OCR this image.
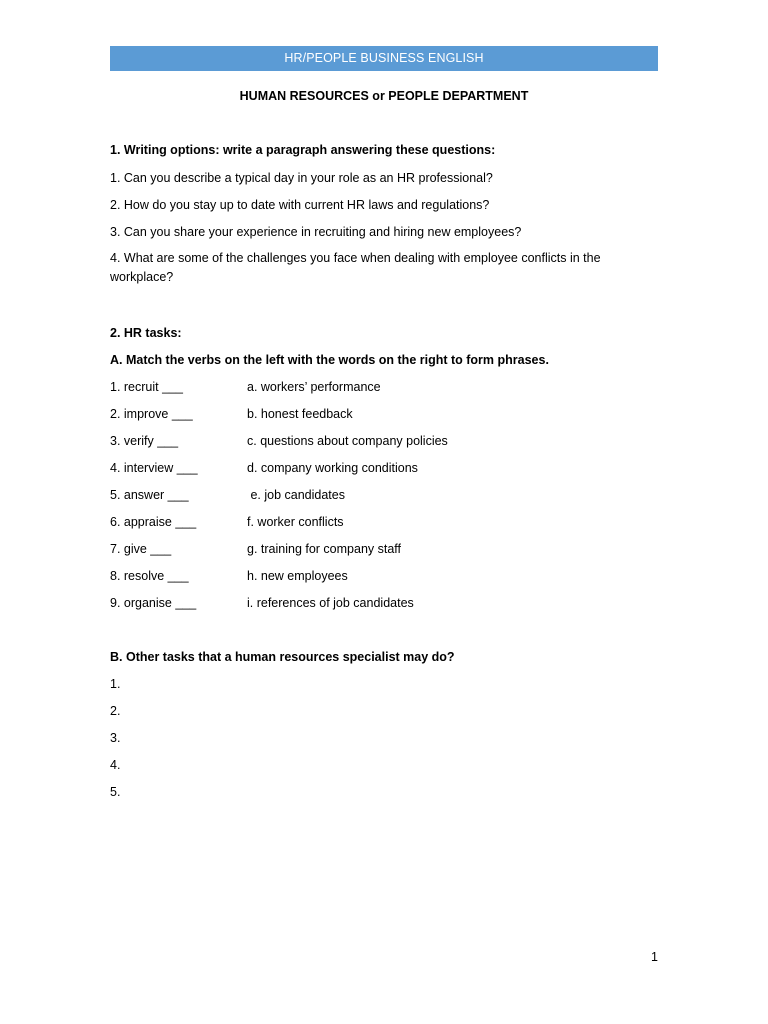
HR/PEOPLE BUSINESS ENGLISH
HUMAN RESOURCES or PEOPLE DEPARTMENT
1. Writing options: write a paragraph answering these questions:
1. Can you describe a typical day in your role as an HR professional?
2. How do you stay up to date with current HR laws and regulations?
3. Can you share your experience in recruiting and hiring new employees?
4. What are some of the challenges you face when dealing with employee conflicts in the workplace?
2. HR tasks:
A. Match the verbs on the left with the words on the right to form phrases.
1. recruit ___	a. workers’ performance
2. improve ___	b. honest feedback
3. verify ___	c. questions about company policies
4. interview ___	d. company working conditions
5. answer ___	e. job candidates
6. appraise ___	f. worker conflicts
7. give ___	g. training for company staff
8. resolve ___	h. new employees
9. organise ___	i. references of job candidates
B. Other tasks that a human resources specialist may do?
1.
2.
3.
4.
5.
1
